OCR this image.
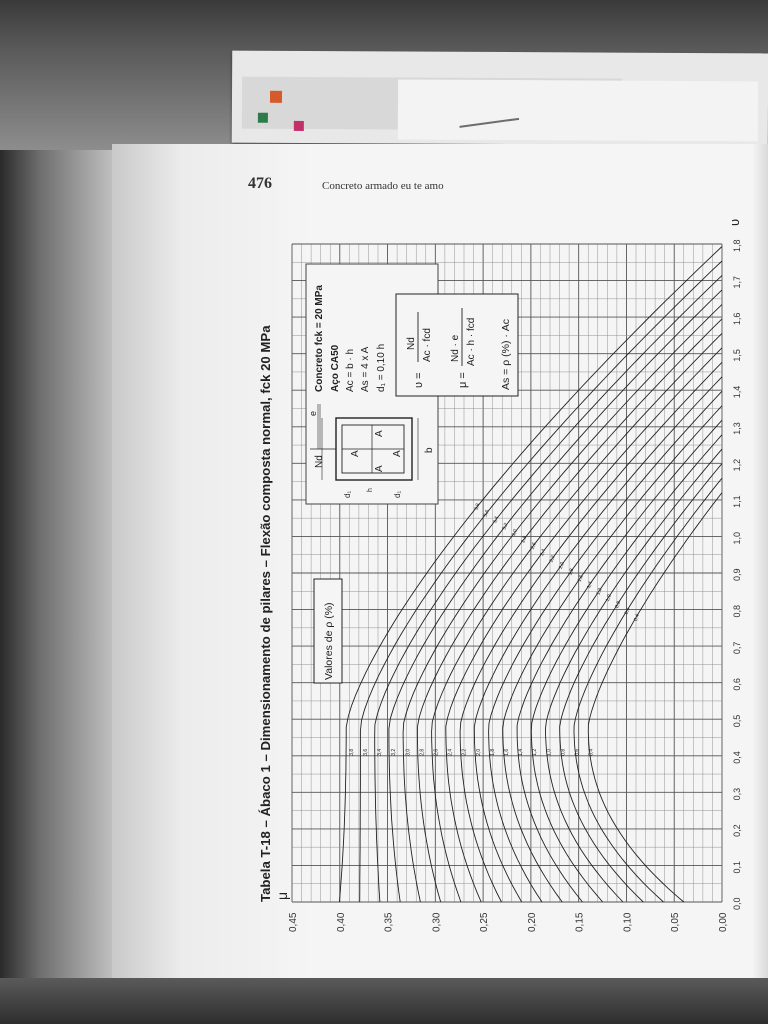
476	Concreto armado eu te amo
0,4
0,4
0,6
0,6
0,8
0,8
1,0
1,0
1,2
1,2
1,4
1,4
1,6
1,6
1,8
1,8
2,0
2,0
2,2
2,2
2,4
2,4
2,6
2,6
2,8
2,8
3,0
3,0
3,2
3,2
3,4
3,4
3,6
3,6
3,8
3,8
0,0
0,1
0,2
0,3
0,4
0,5
0,6
0,7
0,8
0,9
1,0
1,1
1,2
1,3
1,4
1,5
1,6
1,7
1,8
0,00
0,05
0,10
0,15
0,20
0,25
0,30
0,35
0,40
0,45
Tabela T-18 – Ábaco 1 – Dimensionamento de pilares – Flexão composta normal, fck 20 MPa μ
υ
Valores de ρ (%)
Concreto fck = 20 MPa Aço CA50 Ac = b · h As = 4 x A d₁ = 0,10 h υ =
Nd Ac · fcd
μ =
Nd · e Ac · h · fcd As = ρ (%) · Ac
Nd
e
A
A
A
A
h
d₁	d₁
b
